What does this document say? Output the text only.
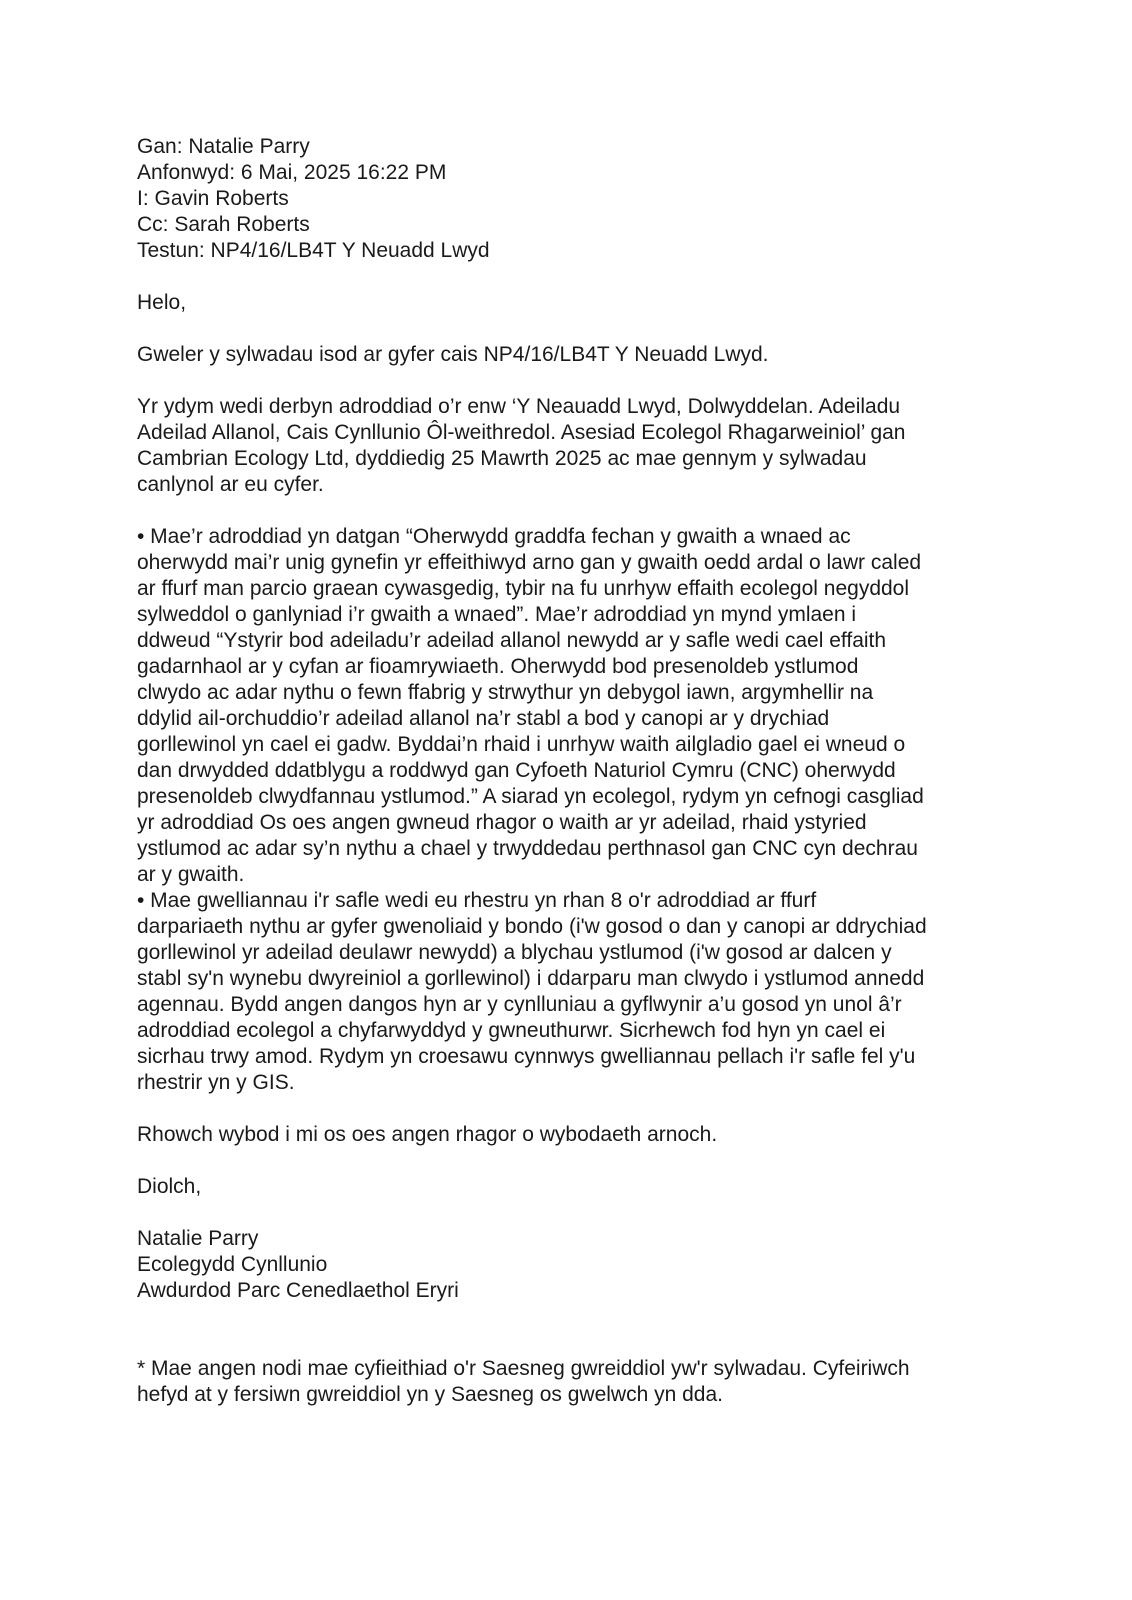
Gan: Natalie Parry
Anfonwyd: 6 Mai, 2025 16:22 PM
I: Gavin Roberts
Cc: Sarah Roberts
Testun: NP4/16/LB4T Y Neuadd Lwyd
Helo,
Gweler y sylwadau isod ar gyfer cais NP4/16/LB4T Y Neuadd Lwyd.
Yr ydym wedi derbyn adroddiad o’r enw ‘Y Neauadd Lwyd, Dolwyddelan. Adeiladu
Adeilad Allanol, Cais Cynllunio Ôl-weithredol. Asesiad Ecolegol Rhagarweiniol’ gan
Cambrian Ecology Ltd, dyddiedig 25 Mawrth 2025 ac mae gennym y sylwadau
canlynol ar eu cyfer.
• Mae’r adroddiad yn datgan “Oherwydd graddfa fechan y gwaith a wnaed ac
oherwydd mai’r unig gynefin yr effeithiwyd arno gan y gwaith oedd ardal o lawr caled
ar ffurf man parcio graean cywasgedig, tybir na fu unrhyw effaith ecolegol negyddol
sylweddol o ganlyniad i’r gwaith a wnaed”. Mae’r adroddiad yn mynd ymlaen i
ddweud “Ystyrir bod adeiladu’r adeilad allanol newydd ar y safle wedi cael effaith
gadarnhaol ar y cyfan ar fioamrywiaeth. Oherwydd bod presenoldeb ystlumod
clwydo ac adar nythu o fewn ffabrig y strwythur yn debygol iawn, argymhellir na
ddylid ail-orchuddio’r adeilad allanol na’r stabl a bod y canopi ar y drychiad
gorllewinol yn cael ei gadw. Byddai’n rhaid i unrhyw waith ailgladio gael ei wneud o
dan drwydded ddatblygu a roddwyd gan Cyfoeth Naturiol Cymru (CNC) oherwydd
presenoldeb clwydfannau ystlumod.” A siarad yn ecolegol, rydym yn cefnogi casgliad
yr adroddiad Os oes angen gwneud rhagor o waith ar yr adeilad, rhaid ystyried
ystlumod ac adar sy’n nythu a chael y trwyddedau perthnasol gan CNC cyn dechrau
ar y gwaith.
• Mae gwelliannau i'r safle wedi eu rhestru yn rhan 8 o'r adroddiad ar ffurf
darpariaeth nythu ar gyfer gwenoliaid y bondo (i'w gosod o dan y canopi ar ddrychiad
gorllewinol yr adeilad deulawr newydd) a blychau ystlumod (i'w gosod ar dalcen y
stabl sy'n wynebu dwyreiniol a gorllewinol) i ddarparu man clwydo i ystlumod annedd
agennau. Bydd angen dangos hyn ar y cynlluniau a gyflwynir a’u gosod yn unol â’r
adroddiad ecolegol a chyfarwyddyd y gwneuthurwr. Sicrhewch fod hyn yn cael ei
sicrhau trwy amod. Rydym yn croesawu cynnwys gwelliannau pellach i'r safle fel y'u
rhestrir yn y GIS.
Rhowch wybod i mi os oes angen rhagor o wybodaeth arnoch.
Diolch,
Natalie Parry
Ecolegydd Cynllunio
Awdurdod Parc Cenedlaethol Eryri
* Mae angen nodi mae cyfieithiad o'r Saesneg gwreiddiol yw'r sylwadau. Cyfeiriwch
hefyd at y fersiwn gwreiddiol yn y Saesneg os gwelwch yn dda.
